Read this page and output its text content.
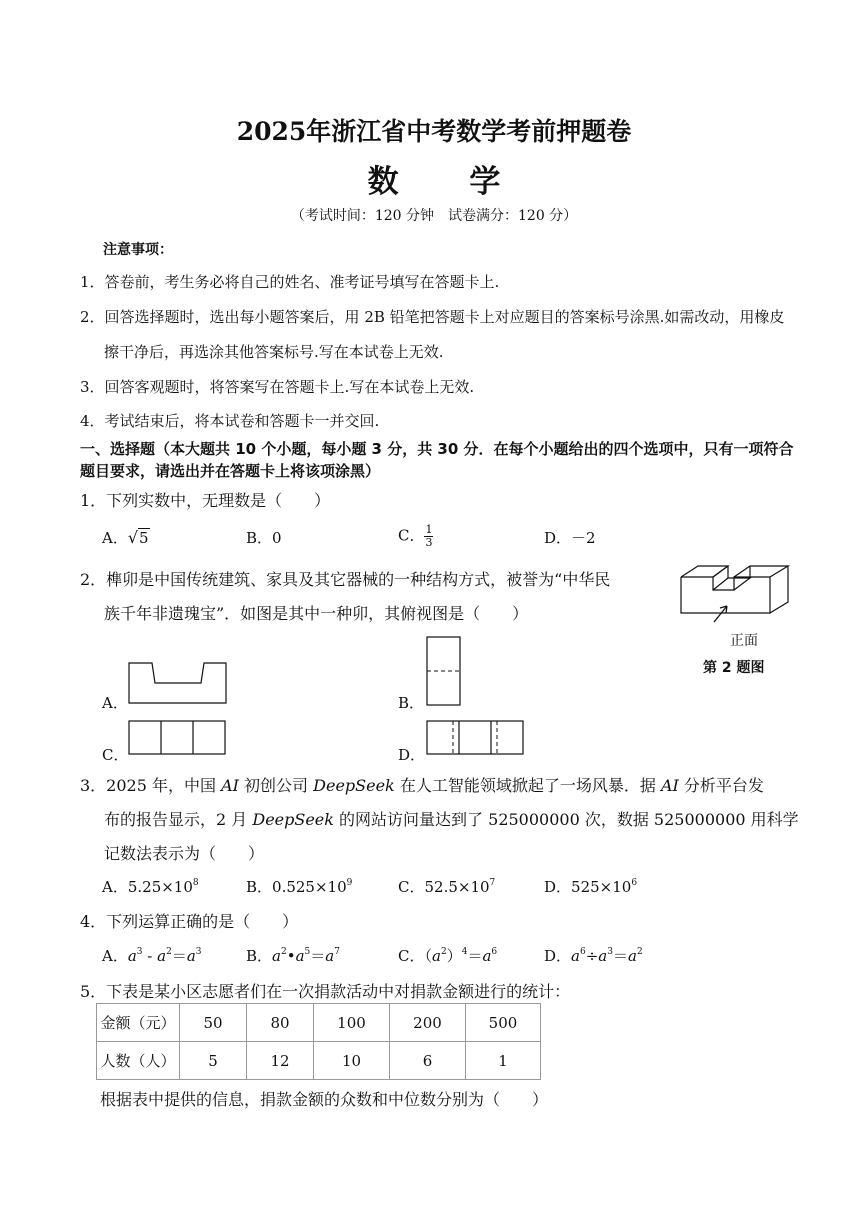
2025年浙江省中考数学考前押题卷
数 学
（考试时间：120 分钟　试卷满分：120 分）
注意事项：
1．答卷前，考生务必将自己的姓名、准考证号填写在答题卡上.
2．回答选择题时，选出每小题答案后，用 2B 铅笔把答题卡上对应题目的答案标号涂黑.如需改动，用橡皮
擦干净后，再选涂其他答案标号.写在本试卷上无效.
3．回答客观题时，将答案写在答题卡上.写在本试卷上无效.
4．考试结束后，将本试卷和答题卡一并交回.
一、选择题（本大题共 10 个小题，每小题 3 分，共 30 分．在每个小题给出的四个选项中，只有一项符合
题目要求，请选出并在答题卡上将该项涂黑）
1．下列实数中，无理数是（　　）
A．√5	B．0	C． $\frac{1}{3}$	D．－2
2．榫卯是中国传统建筑、家具及其它器械的一种结构方式，被誉为“中华民
族千年非遗瑰宝”．如图是其中一种卯，其俯视图是（　　）
正面
第 2 题图
A．	B．
C．	D．
3．2025 年，中国 AI 初创公司 DeepSeek 在人工智能领域掀起了一场风暴．据 AI 分析平台发
布的报告显示，2 月 DeepSeek 的网站访问量达到了 525000000 次，数据 525000000 用科学
记数法表示为（　　）
A．$5.25\times 10^8$	B．$0.525\times 10^9$	C．$52.5\times 10^7$	D．$525\times 10^6$
4．下列运算正确的是（　　）
A．$a^3 - a^2=a^3$	B．$a^2•a^5=a^7$	C．$(a^2)^4=a^6$	D．$a^6\div a^3=a^2$
5．下表是某小区志愿者们在一次捐款活动中对捐款金额进行的统计：
金额（元）	50	80	100	200	500
人数（人）	5	12	10	6	1
根据表中提供的信息，捐款金额的众数和中位数分别为（　　）
